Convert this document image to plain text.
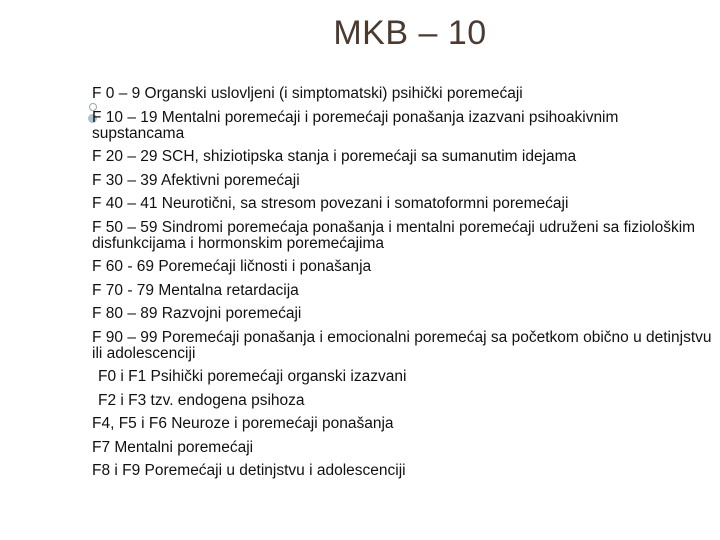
MKB – 10
F 0 – 9 Organski uslovljeni (i simptomatski) psihički poremećaji
F 10 – 19 Mentalni poremećaji i poremećaji ponašanja izazvani psihoakivnim supstancama
F 20 – 29 SCH, shiziotipska stanja i poremećaji sa sumanutim idejama
F 30 – 39 Afektivni poremećaji
F 40 – 41 Neurotični, sa stresom povezani i somatoformni poremećaji
F 50 – 59 Sindromi poremećaja ponašanja i mentalni poremećaji udruženi sa fiziološkim disfunkcijama i hormonskim poremećajima
F 60 - 69 Poremećaji ličnosti i ponašanja
F 70 - 79 Mentalna retardacija
F 80 – 89 Razvojni poremećaji
F 90 – 99 Poremećaji ponašanja i emocionalni poremećaj sa početkom obično u detinjstvu ili adolescenciji
F0 i F1 Psihički poremećaji organski izazvani
F2 i F3 tzv. endogena psihoza
F4, F5 i F6 Neuroze i poremećaji ponašanja
F7 Mentalni poremećaji
F8 i F9 Poremećaji u detinjstvu i adolescenciji
